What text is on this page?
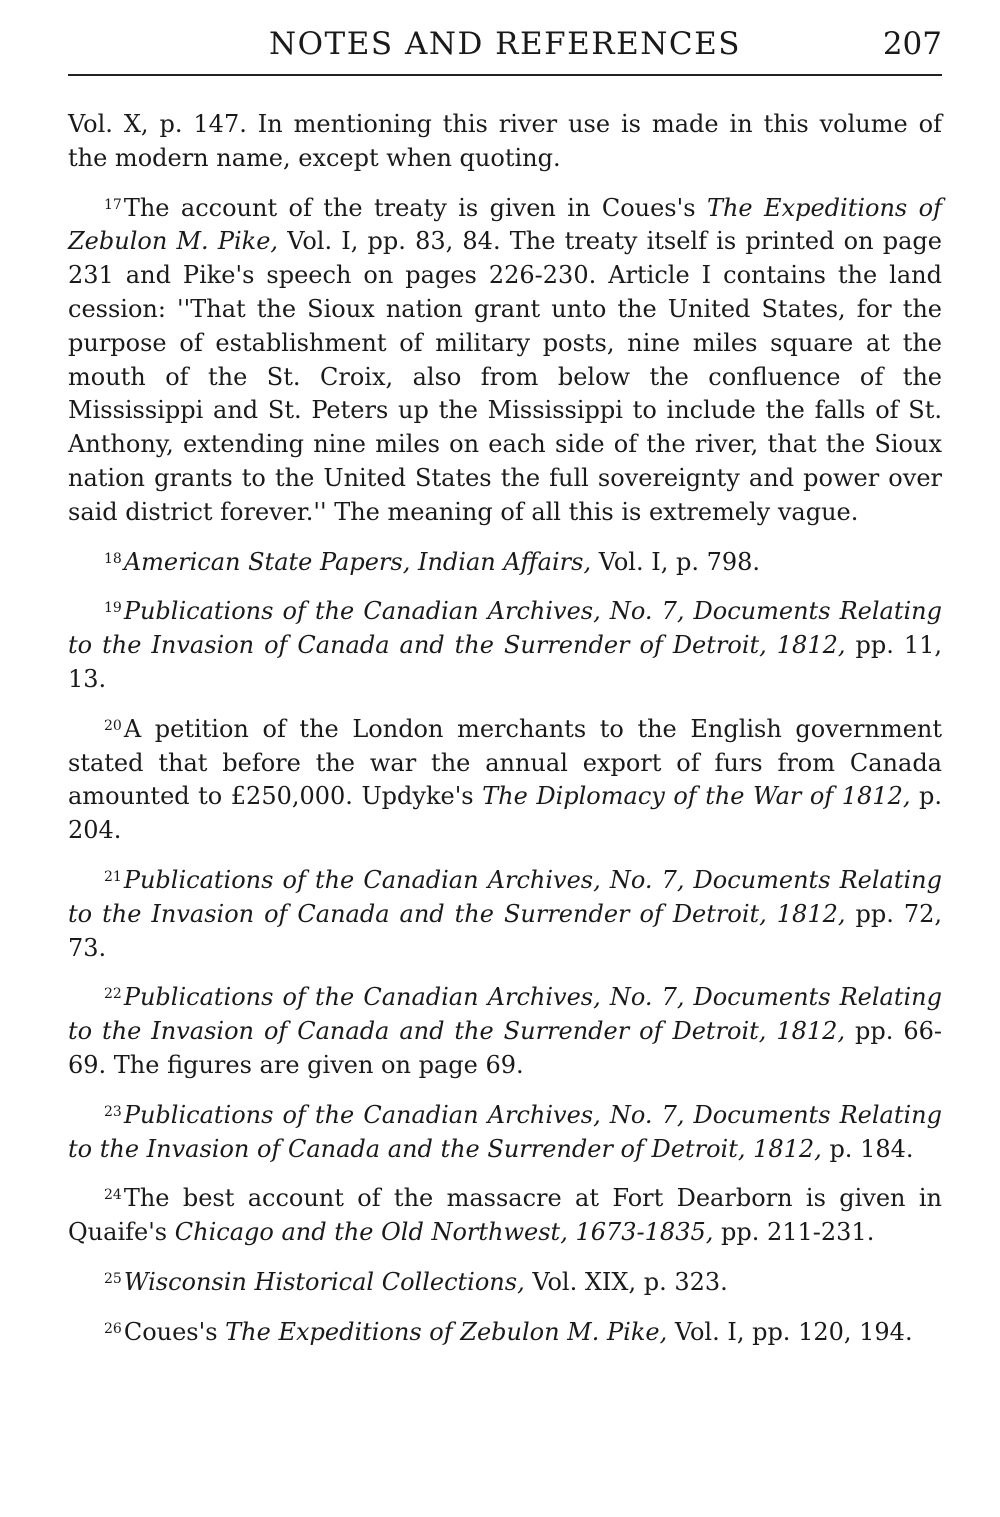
NOTES AND REFERENCES	207

Vol. X, p. 147. In mentioning this river use is made in this volume of the modern name, except when quoting.

$^{17}$The account of the treaty is given in Coues's The Expeditions of Zebulon M. Pike, Vol. I, pp. 83, 84. The treaty itself is printed on page 231 and Pike's speech on pages 226-230. Article I contains the land cession: ''That the Sioux nation grant unto the United States, for the purpose of establishment of military posts, nine miles square at the mouth of the St. Croix, also from below the confluence of the Mississippi and St. Peters up the Mississippi to include the falls of St. Anthony, extending nine miles on each side of the river, that the Sioux nation grants to the United States the full sovereignty and power over said district forever.'' The meaning of all this is extremely vague.

$^{18}$American State Papers, Indian Affairs, Vol. I, p. 798.

$^{19}$Publications of the Canadian Archives, No. 7, Documents Relating to the Invasion of Canada and the Surrender of Detroit, 1812, pp. 11, 13.

$^{20}$A petition of the London merchants to the English government stated that before the war the annual export of furs from Canada amounted to £250,000. Updyke's The Diplomacy of the War of 1812, p. 204.

$^{21}$Publications of the Canadian Archives, No. 7, Documents Relating to the Invasion of Canada and the Surrender of Detroit, 1812, pp. 72, 73.

$^{22}$Publications of the Canadian Archives, No. 7, Documents Relating to the Invasion of Canada and the Surrender of Detroit, 1812, pp. 66-69. The figures are given on page 69.

$^{23}$Publications of the Canadian Archives, No. 7, Documents Relating to the Invasion of Canada and the Surrender of Detroit, 1812, p. 184.

$^{24}$The best account of the massacre at Fort Dearborn is given in Quaife's Chicago and the Old Northwest, 1673-1835, pp. 211-231.

$^{25}$Wisconsin Historical Collections, Vol. XIX, p. 323.

$^{26}$Coues's The Expeditions of Zebulon M. Pike, Vol. I, pp. 120, 194.
